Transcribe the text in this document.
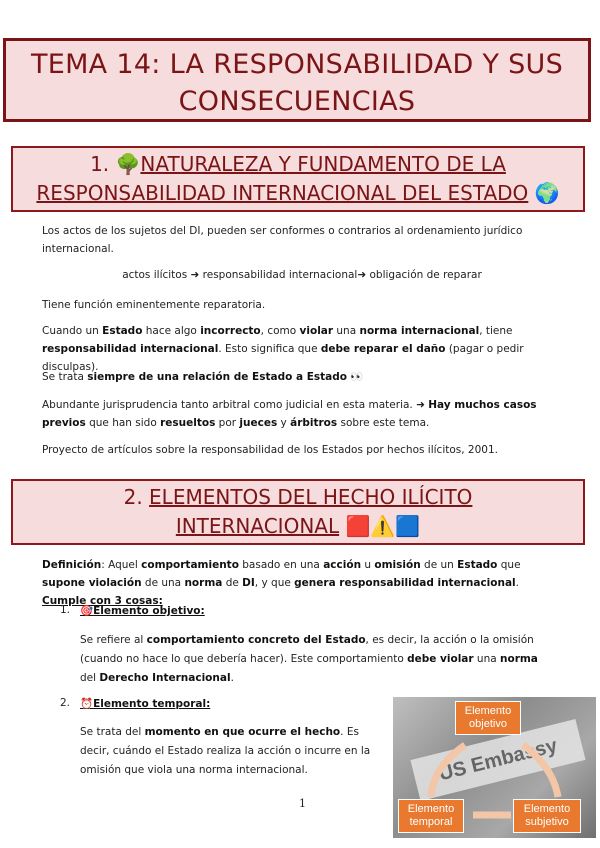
TEMA 14: LA RESPONSABILIDAD Y SUS
CONSECUENCIAS
1. 🌳NATURALEZA Y FUNDAMENTO DE LA
RESPONSABILIDAD INTERNACIONAL DEL ESTADO 🌍
Los actos de los sujetos del DI, pueden ser conformes o contrarios al ordenamiento jurídico internacional.
actos ilícitos ➜ responsabilidad internacional➜ obligación de reparar
Tiene función eminentemente reparatoria.
Cuando un Estado hace algo incorrecto, como violar una norma internacional, tiene responsabilidad internacional. Esto significa que debe reparar el daño (pagar o pedir disculpas).
Se trata siempre de una relación de Estado a Estado 👀
Abundante jurisprudencia tanto arbitral como judicial en esta materia. ➜ Hay muchos casos previos que han sido resueltos por jueces y árbitros sobre este tema.
Proyecto de artículos sobre la responsabilidad de los Estados por hechos ilícitos, 2001.
2. ELEMENTOS DEL HECHO ILÍCITO
INTERNACIONAL 🟥⚠️🟦
Definición: Aquel comportamiento basado en una acción u omisión de un Estado que supone violación de una norma de DI, y que genera responsabilidad internacional. Cumple con 3 cosas:
1. 🎯Elemento objetivo:
Se refiere al comportamiento concreto del Estado, es decir, la acción o la omisión (cuando no hace lo que debería hacer). Este comportamiento debe violar una norma del Derecho Internacional.
2. ⏰Elemento temporal:
Se trata del momento en que ocurre el hecho. Es decir, cuándo el Estado realiza la acción o incurre en la omisión que viola una norma internacional.	US Embassy
Elemento objetivo
Elemento temporal
Elemento subjetivo
1
